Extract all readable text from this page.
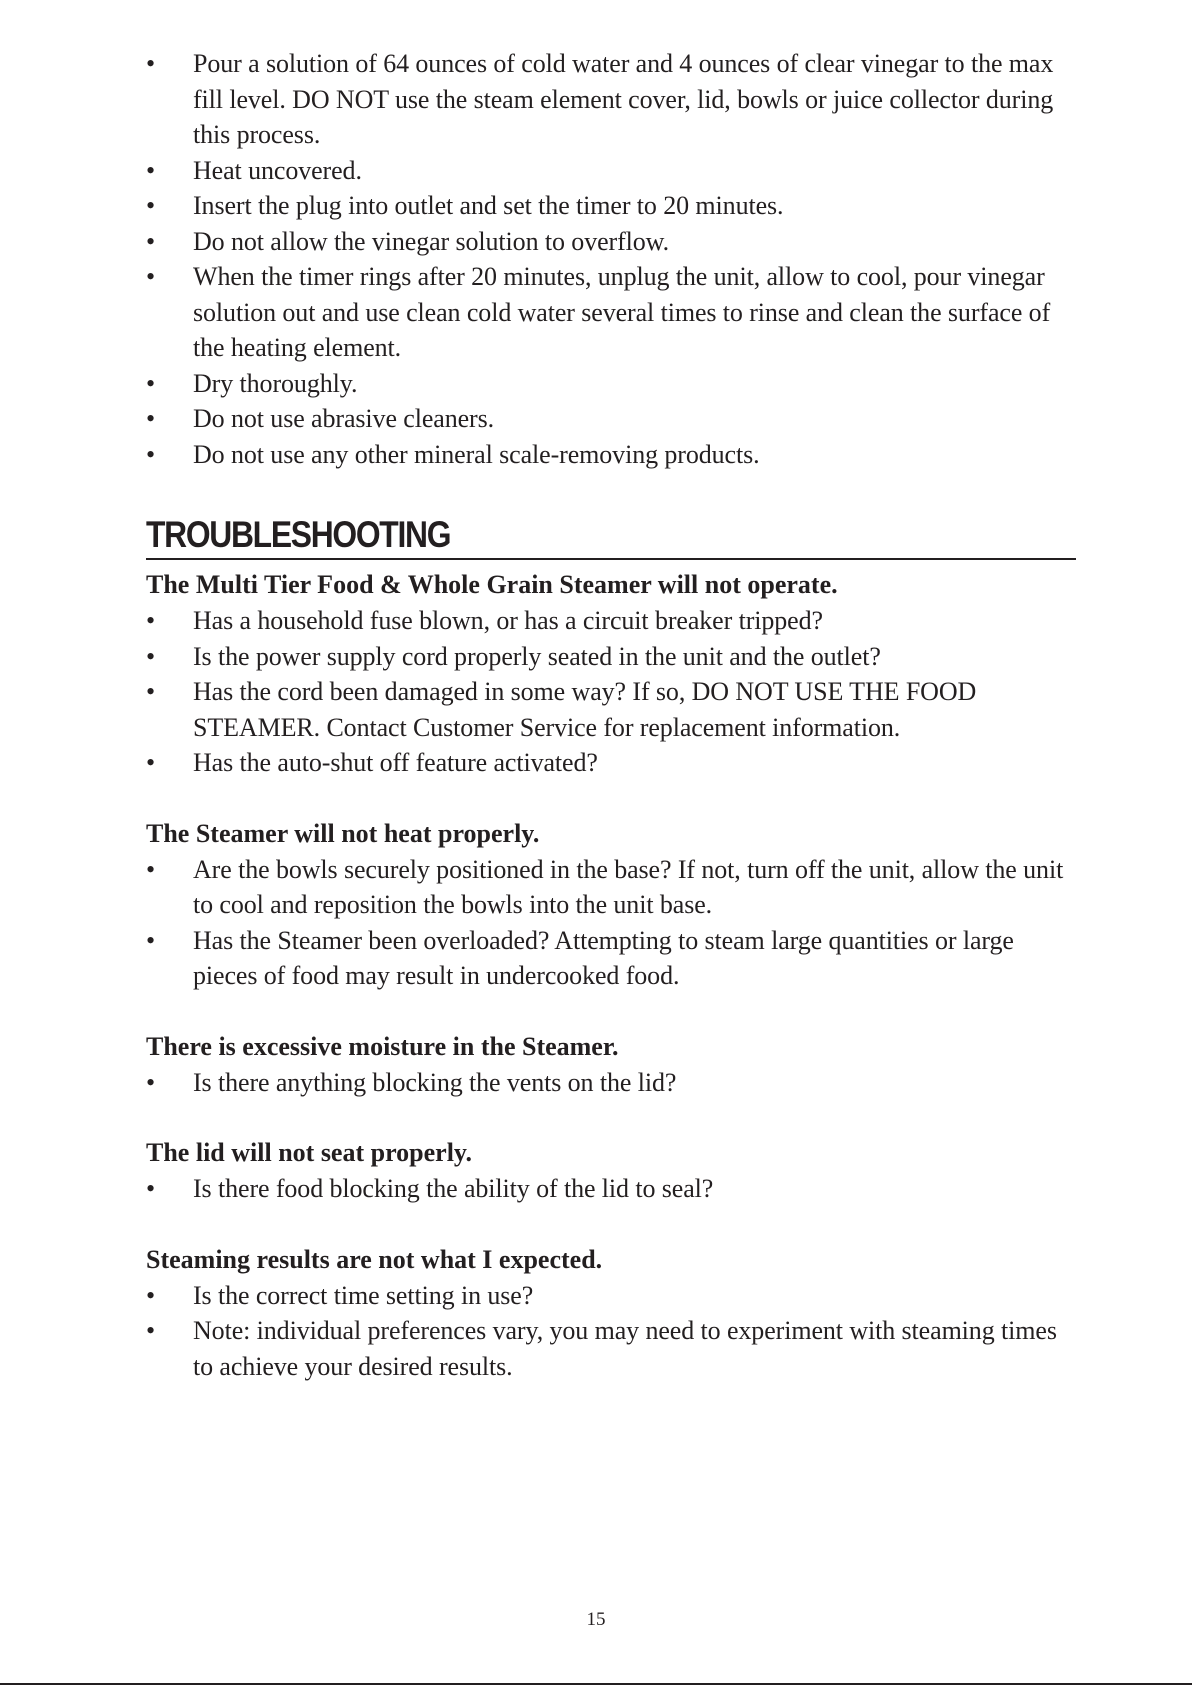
•	Pour a solution of 64 ounces of cold water and 4 ounces of clear vinegar to the max fill level. DO NOT use the steam element cover, lid, bowls or juice collector during this process.
•	Heat uncovered.
•	Insert the plug into outlet and set the timer to 20 minutes.
•	Do not allow the vinegar solution to overflow.
•	When the timer rings after 20 minutes, unplug the unit, allow to cool, pour vinegar solution out and use clean cold water several times to rinse and clean the surface of the heating element.
•	Dry thoroughly.
•	Do not use abrasive cleaners.
•	Do not use any other mineral scale-removing products.
TROUBLESHOOTING
The Multi Tier Food & Whole Grain Steamer will not operate.
•	Has a household fuse blown, or has a circuit breaker tripped?
•	Is the power supply cord properly seated in the unit and the outlet?
•	Has the cord been damaged in some way? If so, DO NOT USE THE FOOD STEAMER. Contact Customer Service for replacement information.
•	Has the auto-shut off feature activated?
The Steamer will not heat properly.
•	Are the bowls securely positioned in the base? If not, turn off the unit, allow the unit to cool and reposition the bowls into the unit base.
•	Has the Steamer been overloaded? Attempting to steam large quantities or large pieces of food may result in undercooked food.
There is excessive moisture in the Steamer.
•	Is there anything blocking the vents on the lid?
The lid will not seat properly.
•	Is there food blocking the ability of the lid to seal?
Steaming results are not what I expected.
•	Is the correct time setting in use?
•	Note: individual preferences vary, you may need to experiment with steaming times to achieve your desired results.
15
